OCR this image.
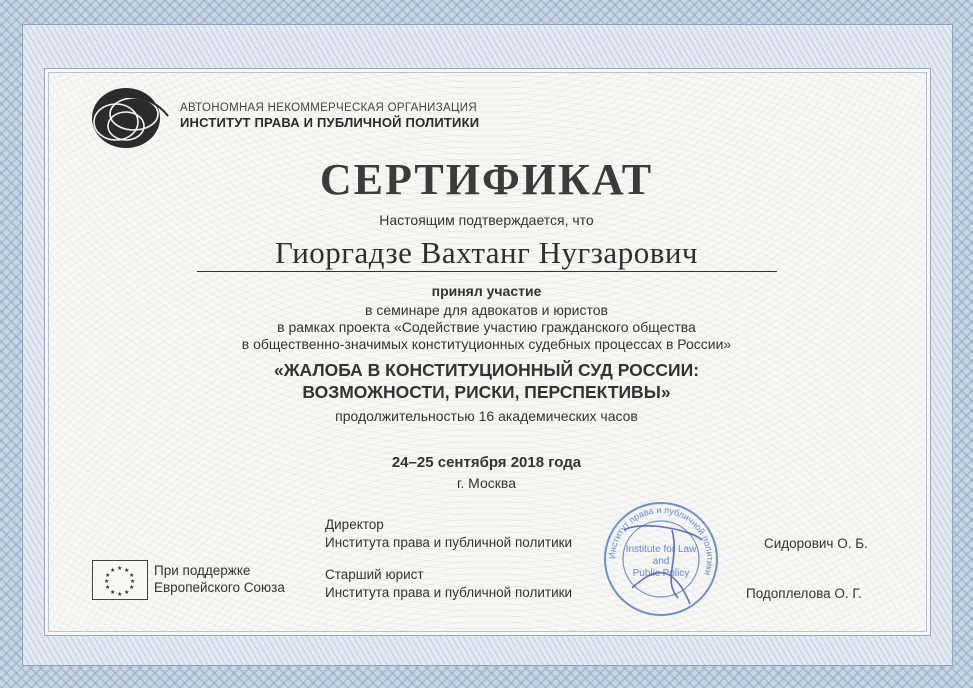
АВТОНОМНАЯ НЕКОММЕРЧЕСКАЯ ОРГАНИЗАЦИЯ
ИНСТИТУТ ПРАВА И ПУБЛИЧНОЙ ПОЛИТИКИ
СЕРТИФИКАТ
Настоящим подтверждается, что
Гиоргадзе Вахтанг Нугзарович
принял участие
в семинаре для адвокатов и юристов
в рамках проекта «Содействие участию гражданского общества
в общественно-значимых конституционных судебных процессах в России»
«ЖАЛОБА В КОНСТИТУЦИОННЫЙ СУД РОССИИ:
ВОЗМОЖНОСТИ, РИСКИ, ПЕРСПЕКТИВЫ»
продолжительностью 16 академических часов
24–25 сентября 2018 года
г. Москва
Директор
Института права и публичной политики
Старший юрист
Института права и публичной политики
Сидорович О. Б.
Подоплелова О. Г.
Институт права и публичной политики
Institute for Law
and
Public Policy
★ ★
★
★
★
★
★
★
★
★
★
★	При поддержке
Европейского Союза
